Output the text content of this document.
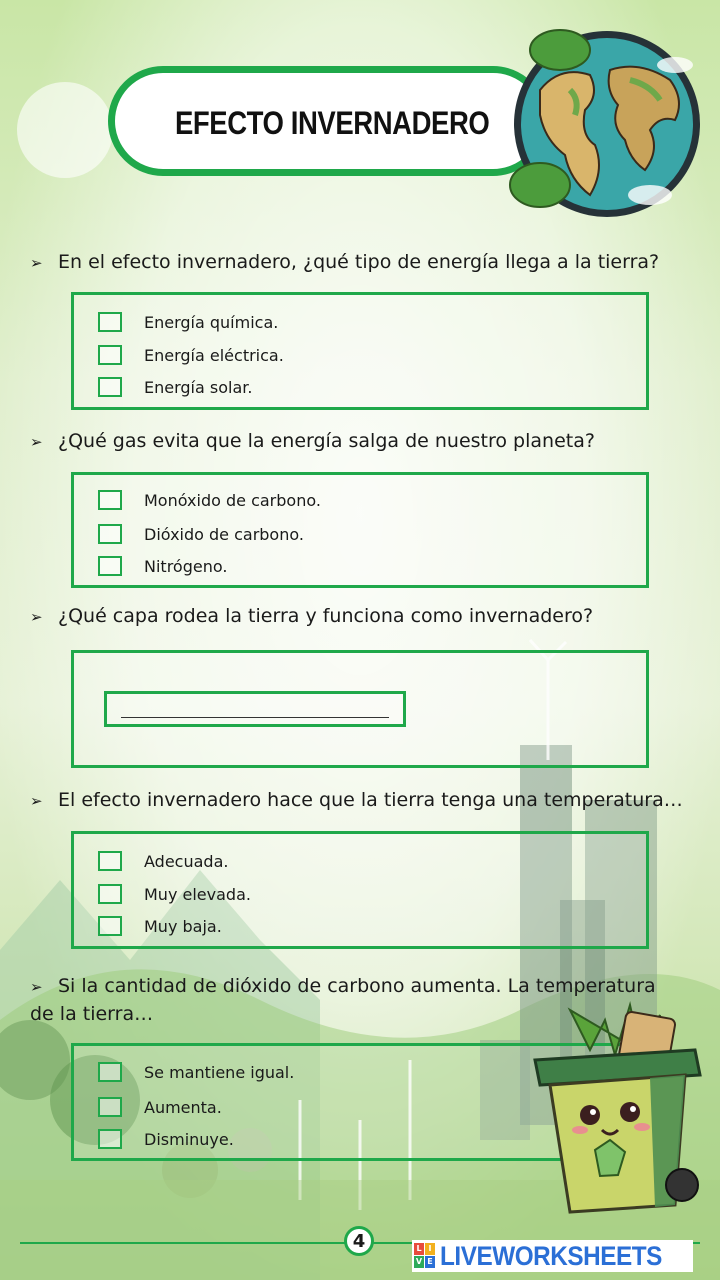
EFECTO INVERNADERO
➢ En el efecto invernadero, ¿qué tipo de energía llega a la tierra?
Energía química.
Energía eléctrica.
Energía solar.
➢ ¿Qué gas evita que la energía salga de nuestro planeta?
Monóxido de carbono.
Dióxido de carbono.
Nitrógeno.
➢ ¿Qué capa rodea la tierra y funciona como invernadero?
➢ El efecto invernadero hace que la tierra tenga una temperatura…
Adecuada.
Muy elevada.
Muy baja.
➢ Si la cantidad de dióxido de carbono aumenta. La temperatura de la tierra…
Se mantiene igual.
Aumenta.
Disminuye.
4	L I
V E LIVEWORKSHEETS
